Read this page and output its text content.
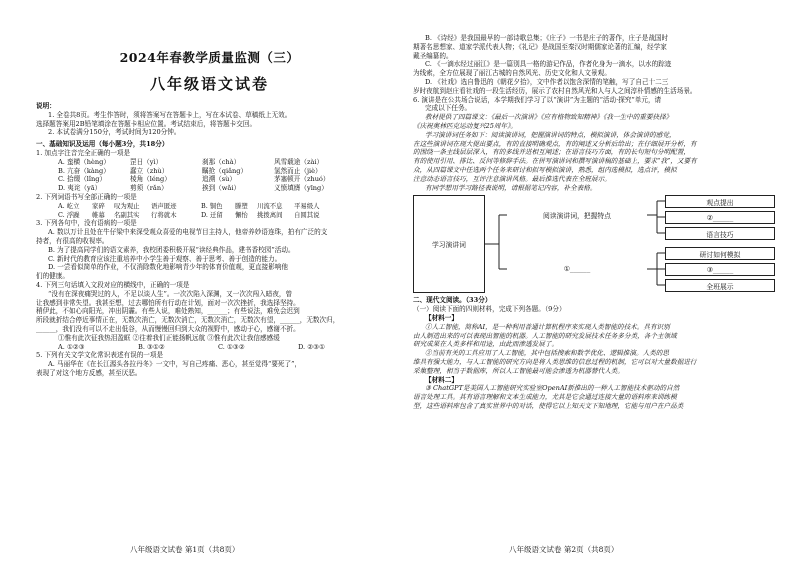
2024年春教学质量监测（三）
八年级语文试卷
说明：
1. 全卷共8页。考生作答时，须将答案写在答题卡上，写在本试卷、草稿纸上无效。
选择题答案用2B铅笔填涂在答题卡相应位置。考试结束后，将答题卡交回。
2. 本试卷满分150分，考试时间为120分钟。
一、基础知识及运用（每小题3分，共18分）
1. 加点字注音完全正确的一项是
A. 蛮横（hèng）	罡日（yì）	刹那（chà）	风雪载途（zài）
B. 亢奋（kàng）	蠢立（zhù）	瞩抢（qiǎng）	氢然而止（jiè）
C. 拾缀（lǐng）	棱角（léng）	追溯（sù）	茅塞顿开（zhuó）
D. 夷诧（yā）	剪须（rǎn）	挨到（wǎi）	义愤填膺（yīng）
2. 下列词语书写全部正确的一项是
A. 屹立	家碎	叹为观止	语声匿迹	B. 铜色	滕塑	川流不息	平易级人
C. 浮躁	帷幕	名副其实	行将就木	D. 迁留	懈怡	挑拨离间	自圆其说
3. 下列各句中，没有语病的一项是
A. 数以万计且处在牛仔梁中来深受观众喜爱的电视节目主持人，他帝养妙语连珠，拍有广泛的支
持者，有很高的收视率。
B. 为了提高同学们的语文素养，我校团委积极开展“读经典作品，建书香校园”活动。
C. 新时代的教育应该注重培养中小学生善于观察、善于思考、善于创造的能力。
D. 一尝看似简单的作业，不仅消除数化地影响青少年的体育价值观，更直接影响他
们的健康。
4. 下列三句话填入文段对应的横线中，正确的一项是
“没有在深夜痛哭过的人，不足以谈人生”。一次次陷入深渊，又一次次闯入暗夜，曾
让我感到非常失望。我甚至想，过去哪怕所有行动在计划，面对一次次挫折，我选择坚持。
稍伊此，不如心向阳光，冲出阴霾。有些人说，难处熟知，______；有些说法，难免会迟到
所段就折结合停近事情正在，无数次消亡，无数次消亡，无数次消亡，无数次有望，______，无数次归，
______，我们没有可以不走出低谷，从而慢慢回归到大众的视野中，感动于心，感谢不折。
①惟有此次征我热泪盈眶 ②往着我们正能扬帆远航 ③惟有此次让我信感感缓
A. ①②③	B. ③①②	C. ①③②	D. ②③①
5. 下列有关文学文化常识表述有误的一项是
A. 马丽华在《在长江源头各拉丹冬》一文中，写自己疼痛、恶心，甚至觉得“要死了”，
表现了对这个地方反感，甚至厌恶。
八年级语文试卷 第1页（共8页）
B. 《诗经》是我国最早的一部诗歌总集；《庄子》一书是庄子的著作，庄子是战国时
期著名思想家、道家学派代表人物；《礼记》是战国至秦汉时期儒家论著的汇编，经学家
戴圣编纂的。
C. 《一滴水经过丽江》是一篇别具一格的游记作品，作者化身为一滴水，以水的踪迹
为线索，全方位展现了丽江古城的自然风光、历史文化和人文景观。
D. 《社戏》选自鲁迅的《朝花夕拾》，文中作者以饱含深情的笔触，写了自己十二三
岁时夜航到赵庄看社戏的一段生活经历，展示了农村自然风光和人与人之间淳朴情感的生活场景。
6. 演讲是在公共场合说话，本学期我们学习了以“演讲”为主题的“活动·探究”单元，请
完成以下任务。
教材提供了四篇课文：《最后一次演讲》《应有格物致知精神》《我一生中的重要抉择》
《庆祝奥林匹克运动复兴25周年》。
学习演讲词任务如下：阅读演讲词，把握演讲词的特点，模拟演讲，体会演讲的感觉，
在这些演讲词在现大提出要点，有的直接明确观点，有的阐述又分析后给出；在仔细展开分析，有
的围绕一条主线层层深入，有的多线并进相互阐述；在语言技巧方面，有的长句短句分明配置，
有的使用引用、排比、反问等修辞手法。在拼写演讲词和撰写演讲稿的基础上，要求“我”，又要有
众，从四篇课文中任选两个任务来研讨和拟写模拟演讲，熟悉，组内选模拟，选点评，模拟
注意动态语言技巧，互评注意演讲风格。最后推选代表在全班展示。
有同学想用学习路径表说明，请根据笔记内容，补全表格。
学习演讲词
阅读演讲词，把握特点
①______
观点提出
②______
语言技巧
研讨如何模拟
③______
全班展示
二、现代文阅读。（33分）
（一）阅读下面的四则材料，完成下列各题。（9分）
【材料一】
①人工智能，简称AI，是一种利用普通计算机程序来实现人类智能的技术。具有识别
由人制造出来的可以表现出智能的机器。人工智能的研究发展技术任务多分类，各个主领域
研究成果在人类多样和用途，由此而渗透发展了。
②当前有关的工具应用了人工智能，其中包括搜索和数学优化、逻辑推演。人类的思
维具有强大能力，与人工智能的研究方向是将人类思维的信息过程的机制，它可以对大量数据进行
采集整理，相当于数据库，所以人工智能最可能会渗透为机器替代人类。
【材料二】
③ ChatGPT是美国人工智能研究实验室OpenAI新推出的一种人工智能技术驱动的自然
语言处理工具。其有语言理解和文本生成能力，尤其是它会通过连接大量的语料库来训练模
型，这些语料库包含了真实世界中的对话，使得它以上知天文下知地理，它能与用户在户品类
八年级语文试卷 第2页（共8页）
